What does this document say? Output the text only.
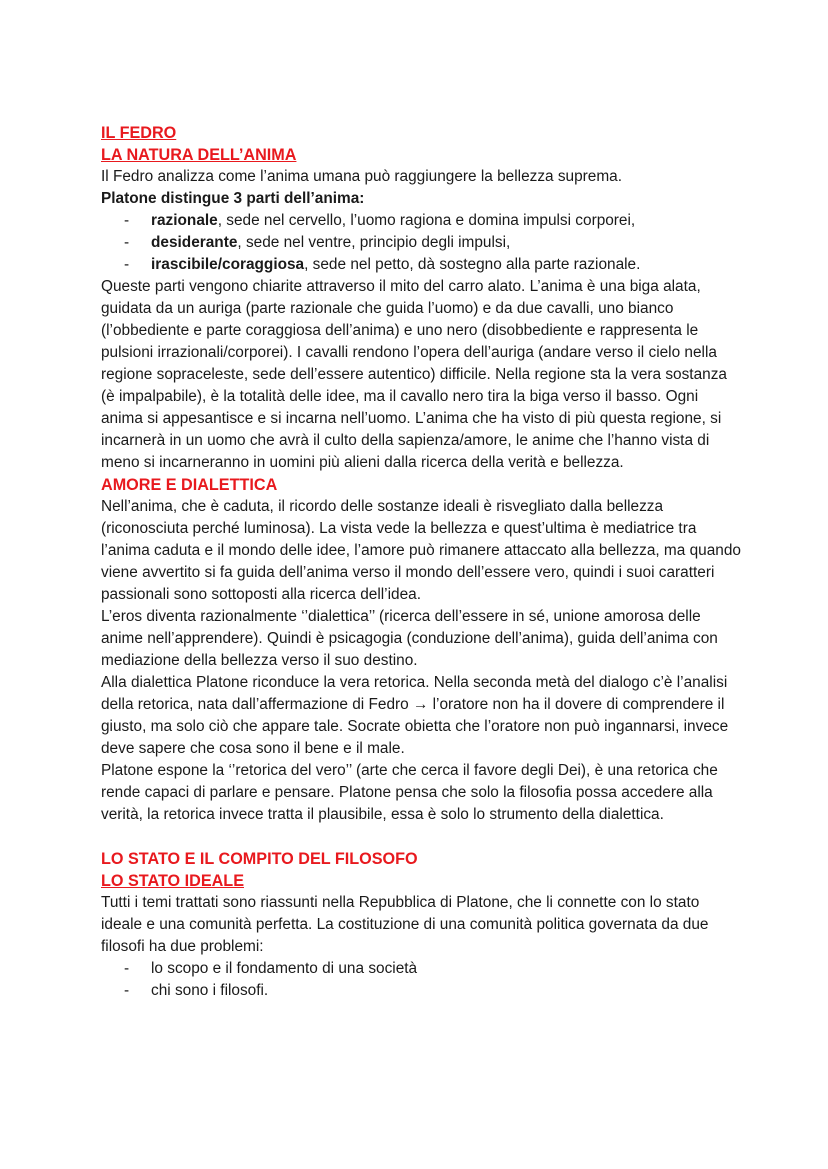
IL FEDRO
LA NATURA DELL’ANIMA

Il Fedro analizza come l’anima umana può raggiungere la bellezza suprema.

Platone distingue 3 parti dell’anima:

- razionale, sede nel cervello, l’uomo ragiona e domina impulsi corporei,
- desiderante, sede nel ventre, principio degli impulsi,
- irascibile/coraggiosa, sede nel petto, dà sostegno alla parte razionale.

Queste parti vengono chiarite attraverso il mito del carro alato. L’anima è una biga alata, guidata da un auriga (parte razionale che guida l’uomo) e da due cavalli, uno bianco (l’obbediente e parte coraggiosa dell’anima) e uno nero (disobbediente e rappresenta le pulsioni irrazionali/corporei). I cavalli rendono l’opera dell’auriga (andare verso il cielo nella regione sopraceleste, sede dell’essere autentico) difficile. Nella regione sta la vera sostanza (è impalpabile), è la totalità delle idee, ma il cavallo nero tira la biga verso il basso. Ogni anima si appesantisce e si incarna nell’uomo. L’anima che ha visto di più questa regione, si incarnerà in un uomo che avrà il culto della sapienza/amore, le anime che l’hanno vista di meno si incarneranno in uomini più alieni dalla ricerca della verità e bellezza.

AMORE E DIALETTICA

Nell’anima, che è caduta, il ricordo delle sostanze ideali è risvegliato dalla bellezza (riconosciuta perché luminosa). La vista vede la bellezza e quest’ultima è mediatrice tra l’anima caduta e il mondo delle idee, l’amore può rimanere attaccato alla bellezza, ma quando viene avvertito si fa guida dell’anima verso il mondo dell’essere vero, quindi i suoi caratteri passionali sono sottoposti alla ricerca dell’idea.

L’eros diventa razionalmente ‘’dialettica’’ (ricerca dell’essere in sé, unione amorosa delle anime nell’apprendere). Quindi è psicagogia (conduzione dell’anima), guida dell’anima con mediazione della bellezza verso il suo destino.

Alla dialettica Platone riconduce la vera retorica. Nella seconda metà del dialogo c’è l’analisi della retorica, nata dall’affermazione di Fedro → l’oratore non ha il dovere di comprendere il giusto, ma solo ciò che appare tale. Socrate obietta che l’oratore non può ingannarsi, invece deve sapere che cosa sono il bene e il male.

Platone espone la ‘’retorica del vero’’ (arte che cerca il favore degli Dei), è una retorica che rende capaci di parlare e pensare. Platone pensa che solo la filosofia possa accedere alla verità, la retorica invece tratta il plausibile, essa è solo lo strumento della dialettica.

LO STATO E IL COMPITO DEL FILOSOFO
LO STATO IDEALE

Tutti i temi trattati sono riassunti nella Repubblica di Platone, che li connette con lo stato ideale e una comunità perfetta. La costituzione di una comunità politica governata da due filosofi ha due problemi:

- lo scopo e il fondamento di una società
- chi sono i filosofi.
